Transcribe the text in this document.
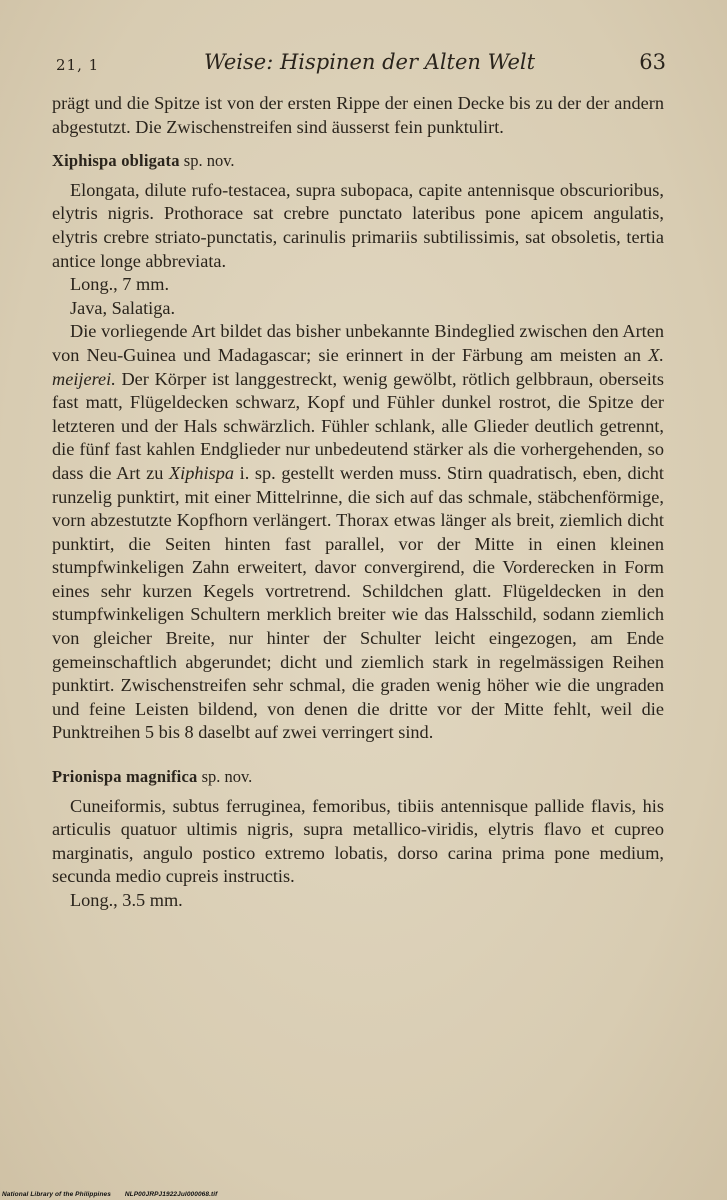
21, 1	Weise: Hispinen der Alten Welt	63

prägt und die Spitze ist von der ersten Rippe der einen Decke bis zu der der andern abgestutzt. Die Zwischenstreifen sind äusserst fein punktulirt.

Xiphispa obligata sp. nov.

Elongata, dilute rufo-testacea, supra subopaca, capite antennisque obscurioribus, elytris nigris. Prothorace sat crebre punctato lateribus pone apicem angulatis, elytris crebre striato-punctatis, carinulis primariis subtilissimis, sat obsoletis, tertia antice longe abbreviata.

Long., 7 mm.

Java, Salatiga.

Die vorliegende Art bildet das bisher unbekannte Bindeglied zwischen den Arten von Neu-Guinea und Madagascar; sie erinnert in der Färbung am meisten an X. meijerei. Der Körper ist langgestreckt, wenig gewölbt, rötlich gelbbraun, oberseits fast matt, Flügeldecken schwarz, Kopf und Fühler dunkel rostrot, die Spitze der letzteren und der Hals schwärzlich. Fühler schlank, alle Glieder deutlich getrennt, die fünf fast kahlen Endglieder nur unbedeutend stärker als die vorhergehenden, so dass die Art zu Xiphispa i. sp. gestellt werden muss. Stirn quadratisch, eben, dicht runzelig punktirt, mit einer Mittelrinne, die sich auf das schmale, stäbchenförmige, vorn abzestutzte Kopfhorn verlängert. Thorax etwas länger als breit, ziemlich dicht punktirt, die Seiten hinten fast parallel, vor der Mitte in einen kleinen stumpfwinkeligen Zahn erweitert, davor convergirend, die Vorderecken in Form eines sehr kurzen Kegels vortretrend. Schildchen glatt. Flügeldecken in den stumpfwinkeligen Schultern merklich breiter wie das Halsschild, sodann ziemlich von gleicher Breite, nur hinter der Schulter leicht eingezogen, am Ende gemeinschaftlich abgerundet; dicht und ziemlich stark in regelmässigen Reihen punktirt. Zwischenstreifen sehr schmal, die graden wenig höher wie die ungraden und feine Leisten bildend, von denen die dritte vor der Mitte fehlt, weil die Punktreihen 5 bis 8 daselbt auf zwei verringert sind.

Prionispa magnifica sp. nov.

Cuneiformis, subtus ferruginea, femoribus, tibiis antennisque pallide flavis, his articulis quatuor ultimis nigris, supra metallico-viridis, elytris flavo et cupreo marginatis, angulo postico extremo lobatis, dorso carina prima pone medium, secunda medio cupreis instructis.

Long., 3.5 mm.

National Library of the Philippines NLP00JRPJ1922Jul000068.tif
